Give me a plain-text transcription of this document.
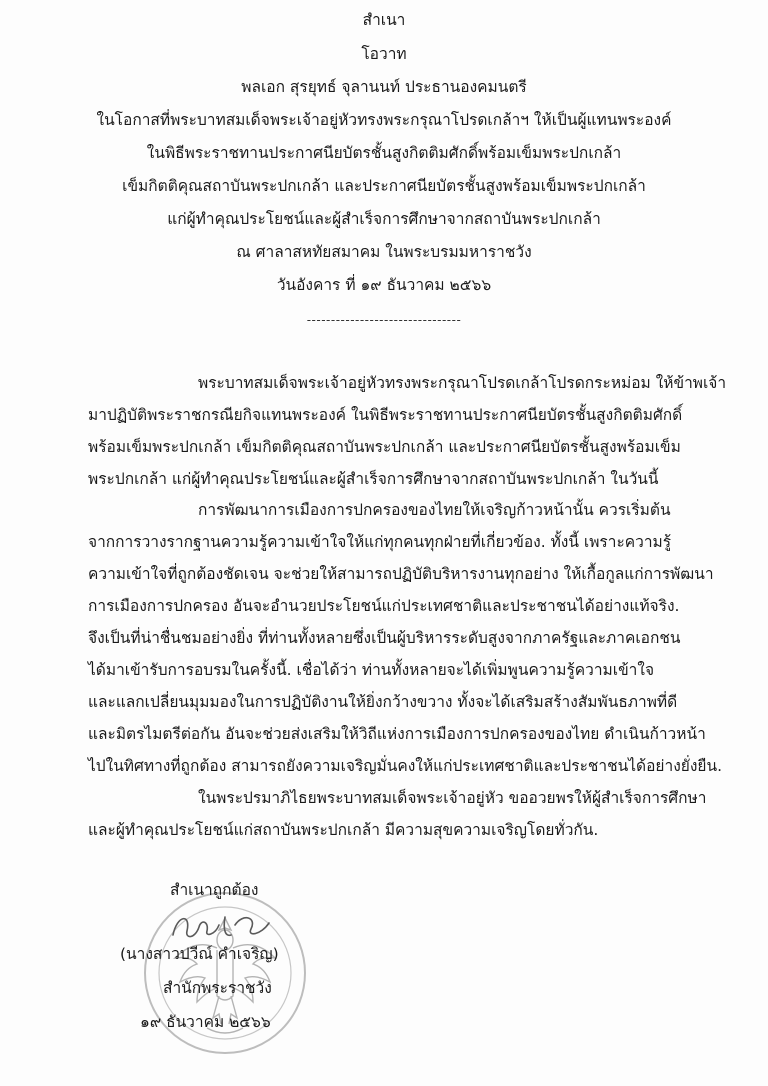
สำเนา
โอวาท
พลเอก สุรยุทธ์ จุลานนท์ ประธานองคมนตรี
ในโอกาสที่พระบาทสมเด็จพระเจ้าอยู่หัวทรงพระกรุณาโปรดเกล้าฯ ให้เป็นผู้แทนพระองค์
ในพิธีพระราชทานประกาศนียบัตรชั้นสูงกิตติมศักดิ์พร้อมเข็มพระปกเกล้า
เข็มกิตติคุณสถาบันพระปกเกล้า และประกาศนียบัตรชั้นสูงพร้อมเข็มพระปกเกล้า
แก่ผู้ทำคุณประโยชน์และผู้สำเร็จการศึกษาจากสถาบันพระปกเกล้า
ณ ศาลาสหทัยสมาคม ในพระบรมมหาราชวัง
วันอังคาร ที่ ๑๙ ธันวาคม ๒๕๖๖
--------------------------------
พระบาทสมเด็จพระเจ้าอยู่หัวทรงพระกรุณาโปรดเกล้าโปรดกระหม่อม ให้ข้าพเจ้า
มาปฏิบัติพระราชกรณียกิจแทนพระองค์ ในพิธีพระราชทานประกาศนียบัตรชั้นสูงกิตติมศักดิ์
พร้อมเข็มพระปกเกล้า เข็มกิตติคุณสถาบันพระปกเกล้า และประกาศนียบัตรชั้นสูงพร้อมเข็ม
พระปกเกล้า แก่ผู้ทำคุณประโยชน์และผู้สำเร็จการศึกษาจากสถาบันพระปกเกล้า ในวันนี้
การพัฒนาการเมืองการปกครองของไทยให้เจริญก้าวหน้านั้น ควรเริ่มต้น
จากการวางรากฐานความรู้ความเข้าใจให้แก่ทุกคนทุกฝ่ายที่เกี่ยวข้อง. ทั้งนี้ เพราะความรู้
ความเข้าใจที่ถูกต้องชัดเจน จะช่วยให้สามารถปฏิบัติบริหารงานทุกอย่าง ให้เกื้อกูลแก่การพัฒนา
การเมืองการปกครอง อันจะอำนวยประโยชน์แก่ประเทศชาติและประชาชนได้อย่างแท้จริง.
จึงเป็นที่น่าชื่นชมอย่างยิ่ง ที่ท่านทั้งหลายซึ่งเป็นผู้บริหารระดับสูงจากภาครัฐและภาคเอกชน
ได้มาเข้ารับการอบรมในครั้งนี้. เชื่อได้ว่า ท่านทั้งหลายจะได้เพิ่มพูนความรู้ความเข้าใจ
และแลกเปลี่ยนมุมมองในการปฏิบัติงานให้ยิ่งกว้างขวาง ทั้งจะได้เสริมสร้างสัมพันธภาพที่ดี
และมิตรไมตรีต่อกัน อันจะช่วยส่งเสริมให้วิถีแห่งการเมืองการปกครองของไทย ดำเนินก้าวหน้า
ไปในทิศทางที่ถูกต้อง สามารถยังความเจริญมั่นคงให้แก่ประเทศชาติและประชาชนได้อย่างยั่งยืน.
ในพระปรมาภิไธยพระบาทสมเด็จพระเจ้าอยู่หัว ขออวยพรให้ผู้สำเร็จการศึกษา
และผู้ทำคุณประโยชน์แก่สถาบันพระปกเกล้า มีความสุขความเจริญโดยทั่วกัน.
สำเนาถูกต้อง
(นางสาวปวีณ์ คำเจริญ)
สำนักพระราชวัง
๑๙ ธันวาคม ๒๕๖๖
